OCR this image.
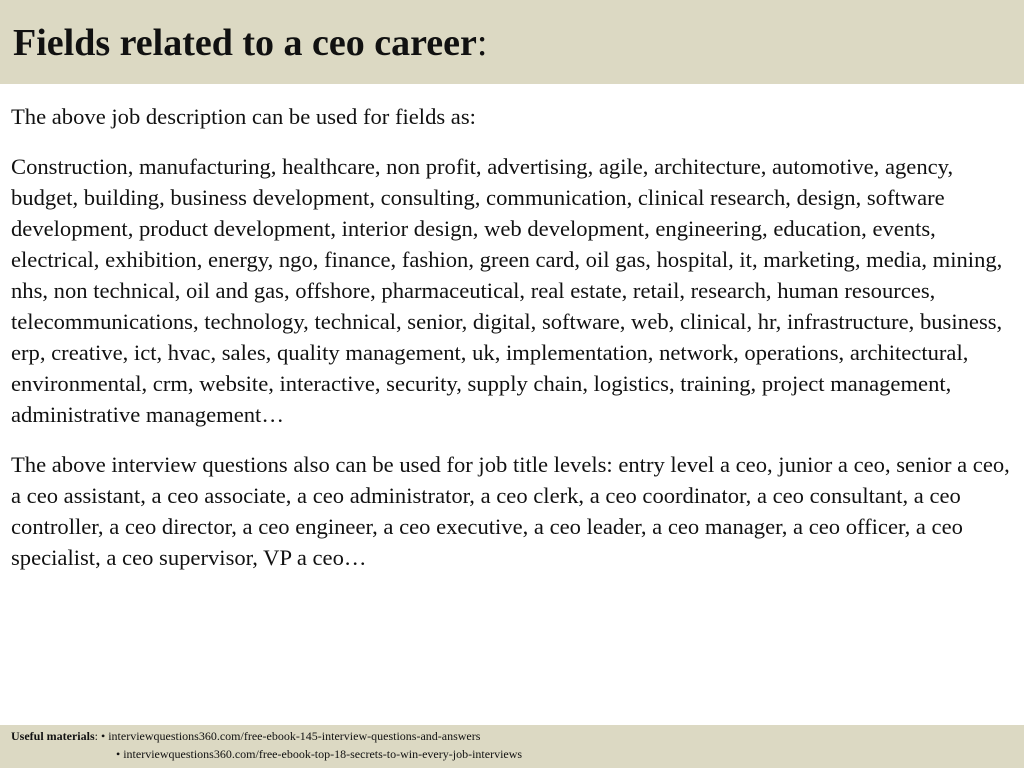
Fields related to a ceo career:

The above job description can be used for fields as:

Construction, manufacturing, healthcare, non profit, advertising, agile, architecture, automotive, agency, budget, building, business development, consulting, communication, clinical research, design, software development, product development, interior design, web development, engineering, education, events, electrical, exhibition, energy, ngo, finance, fashion, green card, oil gas, hospital, it, marketing, media, mining, nhs, non technical, oil and gas, offshore, pharmaceutical, real estate, retail, research, human resources, telecommunications, technology, technical, senior, digital, software, web, clinical, hr, infrastructure, business, erp, creative, ict, hvac, sales, quality management, uk, implementation, network, operations, architectural, environmental, crm, website, interactive, security, supply chain, logistics, training, project management, administrative management…

The above interview questions also can be used for job title levels: entry level a ceo, junior a ceo, senior a ceo, a ceo assistant, a ceo associate, a ceo administrator, a ceo clerk, a ceo coordinator, a ceo consultant, a ceo controller, a ceo director, a ceo engineer, a ceo executive, a ceo leader, a ceo manager, a ceo officer, a ceo specialist, a ceo supervisor, VP a ceo…

Useful materials: • interviewquestions360.com/free-ebook-145-interview-questions-and-answers
• interviewquestions360.com/free-ebook-top-18-secrets-to-win-every-job-interviews
